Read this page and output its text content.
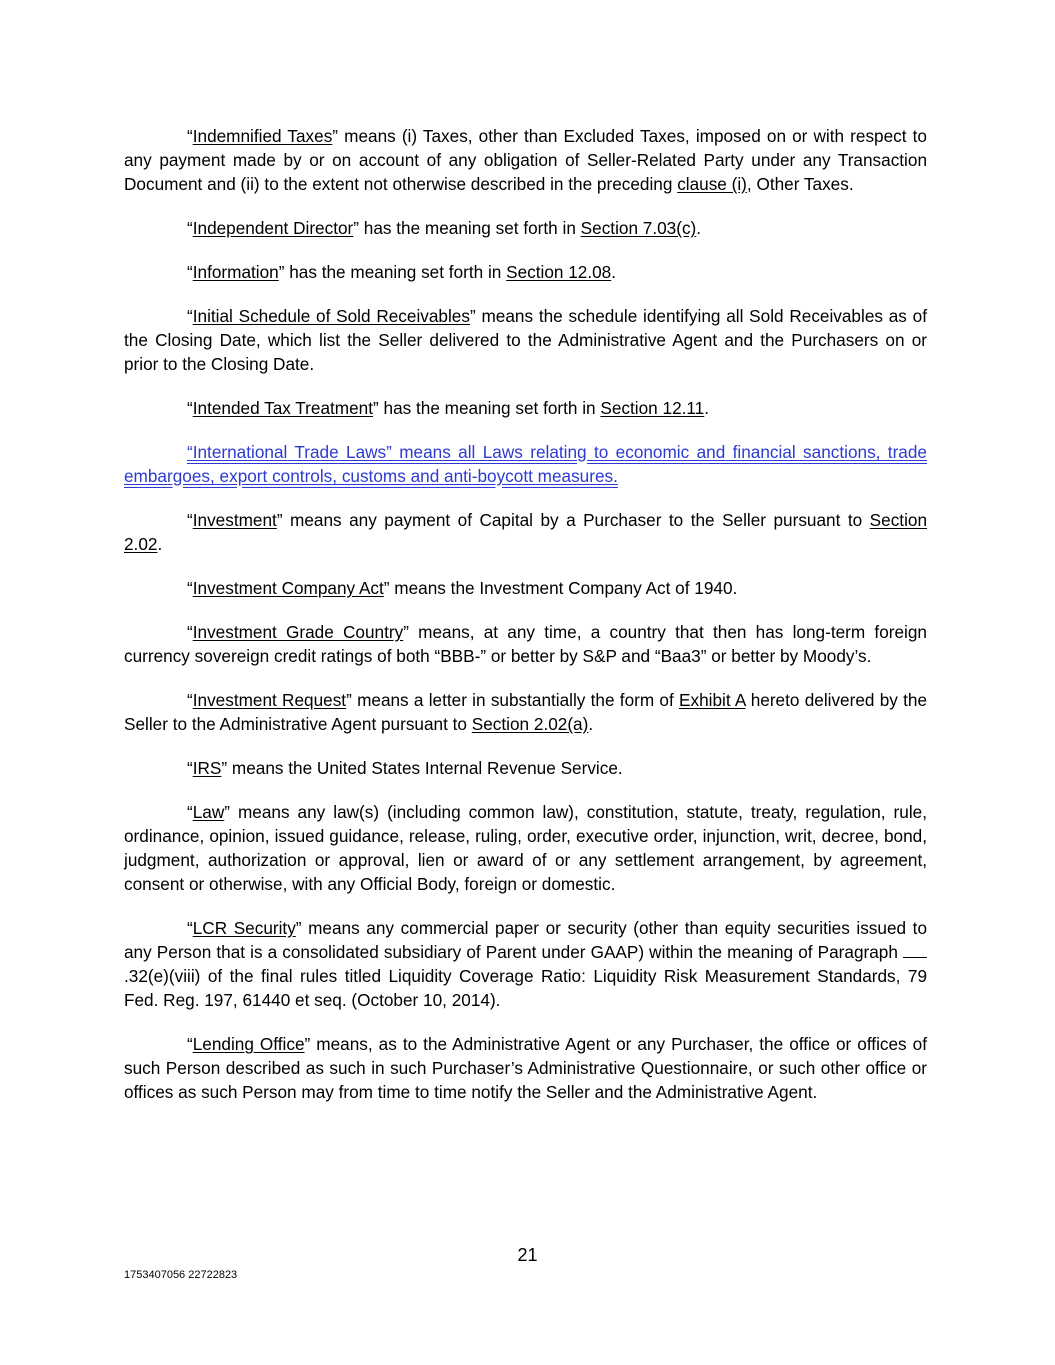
“Indemnified Taxes” means (i) Taxes, other than Excluded Taxes, imposed on or with respect to any payment made by or on account of any obligation of Seller-Related Party under any Transaction Document and (ii) to the extent not otherwise described in the preceding clause (i), Other Taxes.

“Independent Director” has the meaning set forth in Section 7.03(c).

“Information” has the meaning set forth in Section 12.08.

“Initial Schedule of Sold Receivables” means the schedule identifying all Sold Receivables as of the Closing Date, which list the Seller delivered to the Administrative Agent and the Purchasers on or prior to the Closing Date.

“Intended Tax Treatment” has the meaning set forth in Section 12.11.

“International Trade Laws” means all Laws relating to economic and financial sanctions, trade embargoes, export controls, customs and anti-boycott measures.

“Investment” means any payment of Capital by a Purchaser to the Seller pursuant to Section 2.02.

“Investment Company Act” means the Investment Company Act of 1940.

“Investment Grade Country” means, at any time, a country that then has long-term foreign currency sovereign credit ratings of both “BBB-” or better by S&P and “Baa3” or better by Moody’s.

“Investment Request” means a letter in substantially the form of Exhibit A hereto delivered by the Seller to the Administrative Agent pursuant to Section 2.02(a).

“IRS” means the United States Internal Revenue Service.

“Law” means any law(s) (including common law), constitution, statute, treaty, regulation, rule, ordinance, opinion, issued guidance, release, ruling, order, executive order, injunction, writ, decree, bond, judgment, authorization or approval, lien or award of or any settlement arrangement, by agreement, consent or otherwise, with any Official Body, foreign or domestic.

“LCR Security” means any commercial paper or security (other than equity securities issued to any Person that is a consolidated subsidiary of Parent under GAAP) within the meaning of Paragraph .32(e)(viii) of the final rules titled Liquidity Coverage Ratio: Liquidity Risk Measurement Standards, 79 Fed. Reg. 197, 61440 et seq. (October 10, 2014).

“Lending Office” means, as to the Administrative Agent or any Purchaser, the office or offices of such Person described as such in such Purchaser’s Administrative Questionnaire, or such other office or offices as such Person may from time to time notify the Seller and the Administrative Agent.

21
1753407056 22722823
